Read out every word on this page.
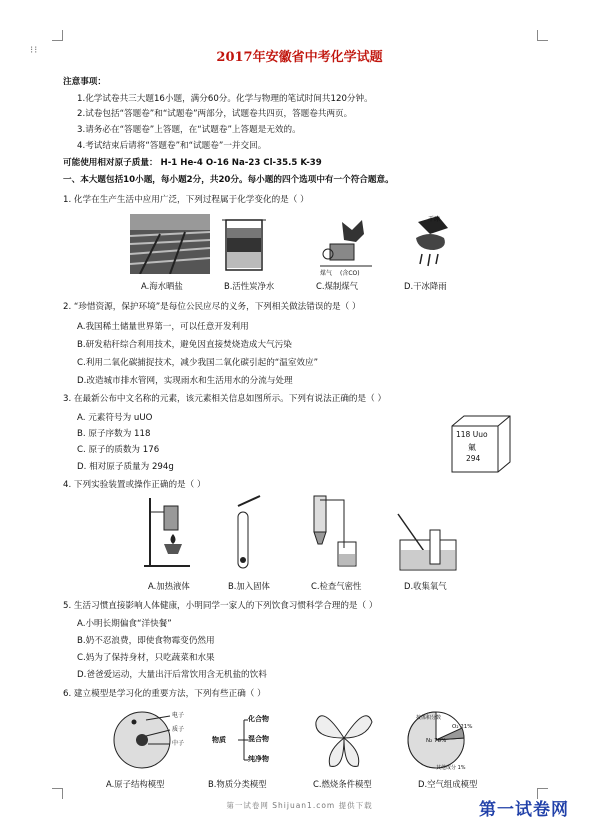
⁝⁝	2017年安徽省中考化学试题
注意事项：
1.化学试卷共三大题16小题，满分60分。化学与物理的笔试时间共120分钟。
2.试卷包括“答题卷”和“试题卷”两部分，试题卷共四页，答题卷共两页。
3.请务必在“答题卷”上答题，在“试题卷”上答题是无效的。
4.考试结束后请将“答题卷”和“试题卷”一并交回。
可能使用相对原子质量： H-1 He-4 O-16 Na-23 Cl-35.5 K-39
一、本大题包括10小题，每小题2分，共20分。每小题的四个选项中有一个符合题意。
1. 化学在生产生活中应用广泛，下列过程属于化学变化的是（ ）
煤气 (含CO)
干冰
A.海水晒盐	B.活性炭净水	C.煤制煤气	D.干冰降雨
2. “珍惜资源，保护环境”是每位公民应尽的义务，下列相关做法错误的是（ ）
A.我国稀土储量世界第一，可以任意开发利用
B.研发秸秆综合利用技术，避免因直接焚烧造成大气污染
C.利用二氧化碳捕捉技术，减少我国二氧化碳引起的“温室效应”
D.改造城市排水管网，实现雨水和生活用水的分流与处理
3. 在最新公布中文名称的元素，该元素相关信息如图所示。下列有说法正确的是（ ）
A. 元素符号为 uUO
B. 原子序数为 118
C. 原子的质数为 176
D. 相对原子质量为 294g
118 Uuo
氭
294
4. 下列实验装置或操作正确的是（ ）
A.加热液体	B.加入固体	C.检查气密性	D.收集氧气
5. 生活习惯直接影响人体健康，小明同学一家人的下列饮食习惯科学合理的是（ ）
A.小明长期偏食“洋快餐”
B.奶不忍浪费，即使食物霉变仍然用
C.妈为了保持身材，只吃蔬菜和水果
D.爸爸爱运动，大量出汗后常饮用含无机盐的饮料
6. 建立模型是学习化的重要方法，下列有些正确（ ）
电子
质子
中子
化合物
混合物
纯净物
物质
按体积分数
N₂ 78%
O₂ 21%
其他成分 1%
A.原子结构模型	B.物质分类模型	C.燃烧条件模型	D.空气组成模型
第一试卷网 Shijuan1.com 提供下载	第一试卷网
